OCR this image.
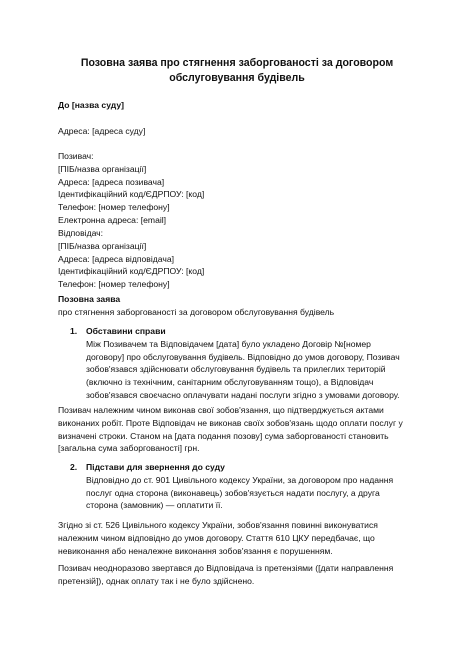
Позовна заява про стягнення заборгованості за договором
обслуговування будівель
До [назва суду]
Адреса: [адреса суду]
Позивач:
[ПІБ/назва організації]
Адреса: [адреса позивача]
Ідентифікаційний код/ЄДРПОУ: [код]
Телефон: [номер телефону]
Електронна адреса: [email]
Відповідач:
[ПІБ/назва організації]
Адреса: [адреса відповідача]
Ідентифікаційний код/ЄДРПОУ: [код]
Телефон: [номер телефону]
Позовна заява
про стягнення заборгованості за договором обслуговування будівель
1. Обставини справи
Між Позивачем та Відповідачем [дата] було укладено Договір №[номер
договору] про обслуговування будівель. Відповідно до умов договору, Позивач
зобов'язався здійснювати обслуговування будівель та прилеглих територій
(включно із технічним, санітарним обслуговуванням тощо), а Відповідач
зобов'язався своєчасно оплачувати надані послуги згідно з умовами договору.
Позивач належним чином виконав свої зобов'язання, що підтверджується актами
виконаних робіт. Проте Відповідач не виконав своїх зобов'язань щодо оплати послуг у
визначені строки. Станом на [дата подання позову] сума заборгованості становить
[загальна сума заборгованості] грн.
2. Підстави для звернення до суду
Відповідно до ст. 901 Цивільного кодексу України, за договором про надання
послуг одна сторона (виконавець) зобов'язується надати послугу, а друга
сторона (замовник) — оплатити її.
Згідно зі ст. 526 Цивільного кодексу України, зобов'язання повинні виконуватися
належним чином відповідно до умов договору. Стаття 610 ЦКУ передбачає, що
невиконання або неналежне виконання зобов'язання є порушенням.
Позивач неодноразово звертався до Відповідача із претензіями ([дати направлення
претензій]), однак оплату так і не було здійснено.
